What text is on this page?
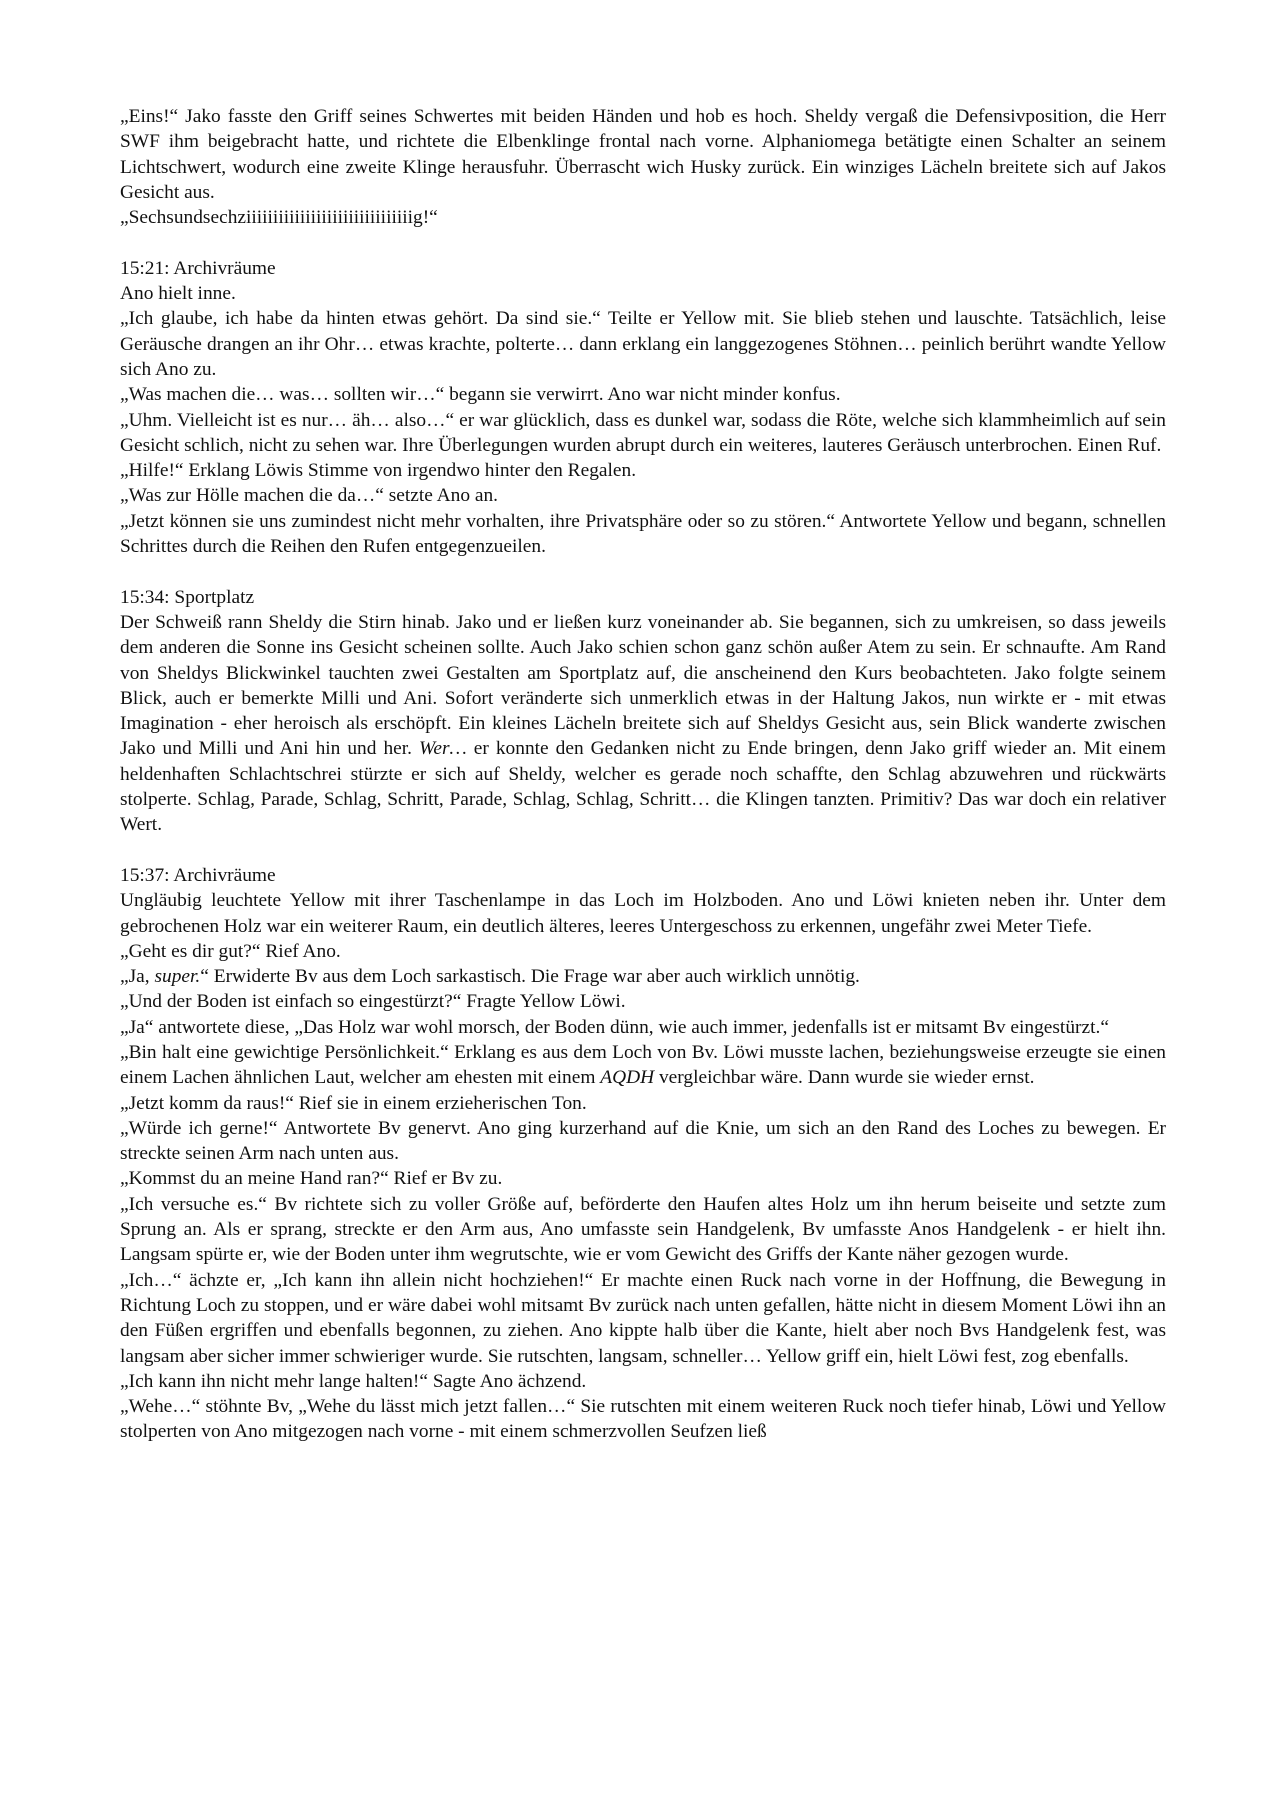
„Eins!“ Jako fasste den Griff seines Schwertes mit beiden Händen und hob es hoch. Sheldy vergaß die Defensivposition, die Herr SWF ihm beigebracht hatte, und richtete die Elbenklinge frontal nach vorne. Alphaniomega betätigte einen Schalter an seinem Lichtschwert, wodurch eine zweite Klinge herausfuhr. Überrascht wich Husky zurück. Ein winziges Lächeln breitete sich auf Jakos Gesicht aus.

„Sechsundsechziiiiiiiiiiiiiiiiiiiiiiiiiiiiiiig!“

15:21: Archivräume

Ano hielt inne.

„Ich glaube, ich habe da hinten etwas gehört. Da sind sie.“ Teilte er Yellow mit. Sie blieb stehen und lauschte. Tatsächlich, leise Geräusche drangen an ihr Ohr… etwas krachte, polterte… dann erklang ein langgezogenes Stöhnen… peinlich berührt wandte Yellow sich Ano zu.

„Was machen die… was… sollten wir…“ begann sie verwirrt. Ano war nicht minder konfus.

„Uhm. Vielleicht ist es nur… äh… also…“ er war glücklich, dass es dunkel war, sodass die Röte, welche sich klammheimlich auf sein Gesicht schlich, nicht zu sehen war. Ihre Überlegungen wurden abrupt durch ein weiteres, lauteres Geräusch unterbrochen. Einen Ruf.

„Hilfe!“ Erklang Löwis Stimme von irgendwo hinter den Regalen.

„Was zur Hölle machen die da…“ setzte Ano an.

„Jetzt können sie uns zumindest nicht mehr vorhalten, ihre Privatsphäre oder so zu stören.“ Antwortete Yellow und begann, schnellen Schrittes durch die Reihen den Rufen entgegenzueilen.

15:34: Sportplatz

Der Schweiß rann Sheldy die Stirn hinab. Jako und er ließen kurz voneinander ab. Sie begannen, sich zu umkreisen, so dass jeweils dem anderen die Sonne ins Gesicht scheinen sollte. Auch Jako schien schon ganz schön außer Atem zu sein. Er schnaufte. Am Rand von Sheldys Blickwinkel tauchten zwei Gestalten am Sportplatz auf, die anscheinend den Kurs beobachteten. Jako folgte seinem Blick, auch er bemerkte Milli und Ani. Sofort veränderte sich unmerklich etwas in der Haltung Jakos, nun wirkte er - mit etwas Imagination - eher heroisch als erschöpft. Ein kleines Lächeln breitete sich auf Sheldys Gesicht aus, sein Blick wanderte zwischen Jako und Milli und Ani hin und her. Wer… er konnte den Gedanken nicht zu Ende bringen, denn Jako griff wieder an. Mit einem heldenhaften Schlachtschrei stürzte er sich auf Sheldy, welcher es gerade noch schaffte, den Schlag abzuwehren und rückwärts stolperte. Schlag, Parade, Schlag, Schritt, Parade, Schlag, Schlag, Schritt… die Klingen tanzten. Primitiv? Das war doch ein relativer Wert.

15:37: Archivräume

Ungläubig leuchtete Yellow mit ihrer Taschenlampe in das Loch im Holzboden. Ano und Löwi knieten neben ihr. Unter dem gebrochenen Holz war ein weiterer Raum, ein deutlich älteres, leeres Untergeschoss zu erkennen, ungefähr zwei Meter Tiefe.

„Geht es dir gut?“ Rief Ano.

„Ja, super.“ Erwiderte Bv aus dem Loch sarkastisch. Die Frage war aber auch wirklich unnötig.

„Und der Boden ist einfach so eingestürzt?“ Fragte Yellow Löwi.

„Ja“ antwortete diese, „Das Holz war wohl morsch, der Boden dünn, wie auch immer, jedenfalls ist er mitsamt Bv eingestürzt.“

„Bin halt eine gewichtige Persönlichkeit.“ Erklang es aus dem Loch von Bv. Löwi musste lachen, beziehungsweise erzeugte sie einen einem Lachen ähnlichen Laut, welcher am ehesten mit einem AQDH vergleichbar wäre. Dann wurde sie wieder ernst.

„Jetzt komm da raus!“ Rief sie in einem erzieherischen Ton.

„Würde ich gerne!“ Antwortete Bv genervt. Ano ging kurzerhand auf die Knie, um sich an den Rand des Loches zu bewegen. Er streckte seinen Arm nach unten aus.

„Kommst du an meine Hand ran?“ Rief er Bv zu.

„Ich versuche es.“ Bv richtete sich zu voller Größe auf, beförderte den Haufen altes Holz um ihn herum beiseite und setzte zum Sprung an. Als er sprang, streckte er den Arm aus, Ano umfasste sein Handgelenk, Bv umfasste Anos Handgelenk - er hielt ihn. Langsam spürte er, wie der Boden unter ihm wegrutschte, wie er vom Gewicht des Griffs der Kante näher gezogen wurde.

„Ich…“ ächzte er, „Ich kann ihn allein nicht hochziehen!“ Er machte einen Ruck nach vorne in der Hoffnung, die Bewegung in Richtung Loch zu stoppen, und er wäre dabei wohl mitsamt Bv zurück nach unten gefallen, hätte nicht in diesem Moment Löwi ihn an den Füßen ergriffen und ebenfalls begonnen, zu ziehen. Ano kippte halb über die Kante, hielt aber noch Bvs Handgelenk fest, was langsam aber sicher immer schwieriger wurde. Sie rutschten, langsam, schneller… Yellow griff ein, hielt Löwi fest, zog ebenfalls.

„Ich kann ihn nicht mehr lange halten!“ Sagte Ano ächzend.

„Wehe…“ stöhnte Bv, „Wehe du lässt mich jetzt fallen…“ Sie rutschten mit einem weiteren Ruck noch tiefer hinab, Löwi und Yellow stolperten von Ano mitgezogen nach vorne - mit einem schmerzvollen Seufzen ließ
